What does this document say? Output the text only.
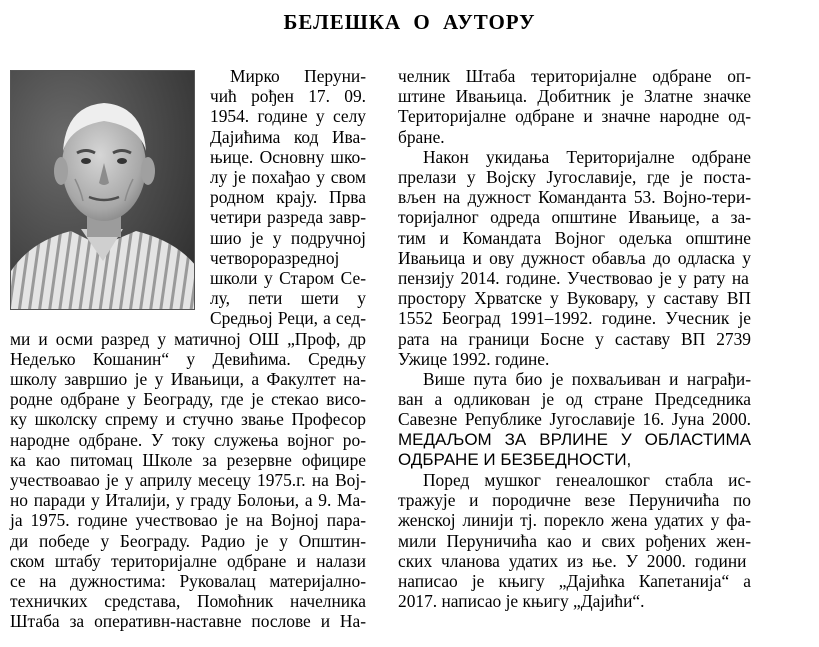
БЕЛЕШКА О АУТОРУ
Мирко Перуни-
чић рођен 17. 09.
1954. године у селу
Дајићима код Ива-
њице. Основну шко-
лу је похађао у свом
родном крају. Прва
четири разреда завр-
шио је у подручној
четвороразредној
школи у Старом Се-
лу, пети шети у
Средњој Реци, а сед-
ми и осми разред у матичној ОШ „Проф, др
Недељко Кошанин“ у Девићима. Средњу
школу завршио је у Ивањици, а Факултет на-
родне одбране у Београду, где је стекао висо-
ку школску спрему и стучно звање Професор
народне одбране. У току служења војног ро-
ка као питомац Школе за резервне официре
учествоавао је у априлу месецу 1975.г. на Вој-
но паради у Италији, у граду Болоњи, а 9. Ма-
ја 1975. године учествовао је на Војној пара-
ди победе у Београду. Радио је у Општин-
ском штабу територијалне одбране и налази
се на дужностима: Руковалац материјално-
техничких средстава, Помоћник начелника
Штаба за оперативн-наставне послове и На-
челник Штаба територијалне одбране оп-
штине Ивањица. Добитник је Златне значке
Територијалне одбране и значне народне од-
бране.
Након укидања Територијалне одбране
прелази у Војску Југославије, где је поста-
вљен на дужност Команданта 53. Војно-тери-
торијалног одреда општине Ивањице, а за-
тим и Командата Војног одељка општине
Ивањица и ову дужност обавља до одласка у
пензију 2014. године. Учествовао је у рату на
простору Хрватске у Вуковару, у саставу ВП
1552 Београд 1991–1992. године. Учесник је
рата на граници Босне у саставу ВП 2739
Ужице 1992. године.
Више пута био је похваљиван и награђи-
ван а одликован је од стране Председника
Савезне Републике Југославије 16. Јуна 2000.
МЕДАЉОМ ЗА ВРЛИНЕ У ОБЛАСТИМА
ОДБРАНЕ И БЕЗБЕДНОСТИ,
Поред мушког генеалошког стабла ис-
тражује и породичне везе Перуничића по
женској линији тј. порекло жена удатих у фа-
мили Перуничића као и свих рођених жен-
ских чланова удатих из ње. У 2000. години
написао је књигу „Дајићка Капетанија“ а
2017. написао је књигу „Дајићи“.
